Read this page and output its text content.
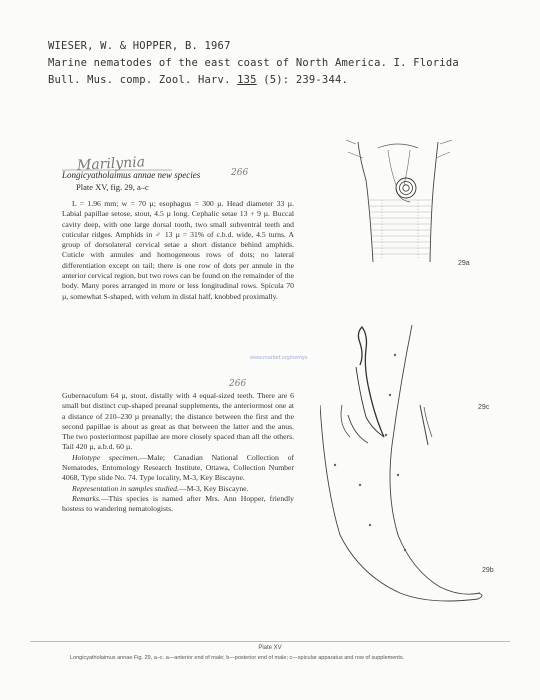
WIESER, W. & HOPPER, B. 1967
Marine nematodes of the east coast of North America. I. Florida
Bull. Mus. comp. Zool. Harv. 135 (5): 239-344.
Marilynia	266
Longicyatholaimus annae new species
Plate XV, fig. 29, a–c

L = 1.96 mm; w = 70 µ; esophagus = 300 µ. Head diameter 33 µ. Labial papillae setose, stout, 4.5 µ long. Cephalic setae 13 + 9 µ. Buccal cavity deep, with one large dorsal tooth, two small subventral teeth and cuticular ridges. Amphids in ♂ 13 µ = 31% of c.b.d. wide, 4.5 turns. A group of dorsolateral cervical setae a short distance behind amphids. Cuticle with annules and homogeneous rows of dots; no lateral differentiation except on tail; there is one row of dots per annule in the anterior cervical region, but two rows can be found on the remainder of the body. Many pores arranged in more or less longitudinal rows. Spicula 70 µ, somewhat S-shaped, with velum in distal half, knobbed proximally.

266

Gubernaculum 64 µ, stout, distally with 4 equal-sized teeth. There are 6 small but distinct cup-shaped preanal supplements, the anteriormost one at a distance of 210–230 µ preanally; the distance between the first and the second papillae is about as great as that between the latter and the anus. The two posteriormost papillae are more closely spaced than all the others. Tail 420 µ, a.b.d. 60 µ.

Holotype specimen.—Male; Canadian National Collection of Nematodes, Entomology Research Institute, Ottawa, Collection Number 4068, Type slide No. 74. Type locality, M-3, Key Biscayne.

Representation in samples studied.—M-3, Key Biscayne.

Remarks.—This species is named after Mrs. Ann Hopper, friendly hostess to wandering nematologists.

www.marbef.org/nemys
29a
29c
29b
Plate XV
Longicyatholaimus annae Fig. 29, a–c. a—anterior end of male; b—posterior end of male; c—spicular apparatus and row of supplements.
